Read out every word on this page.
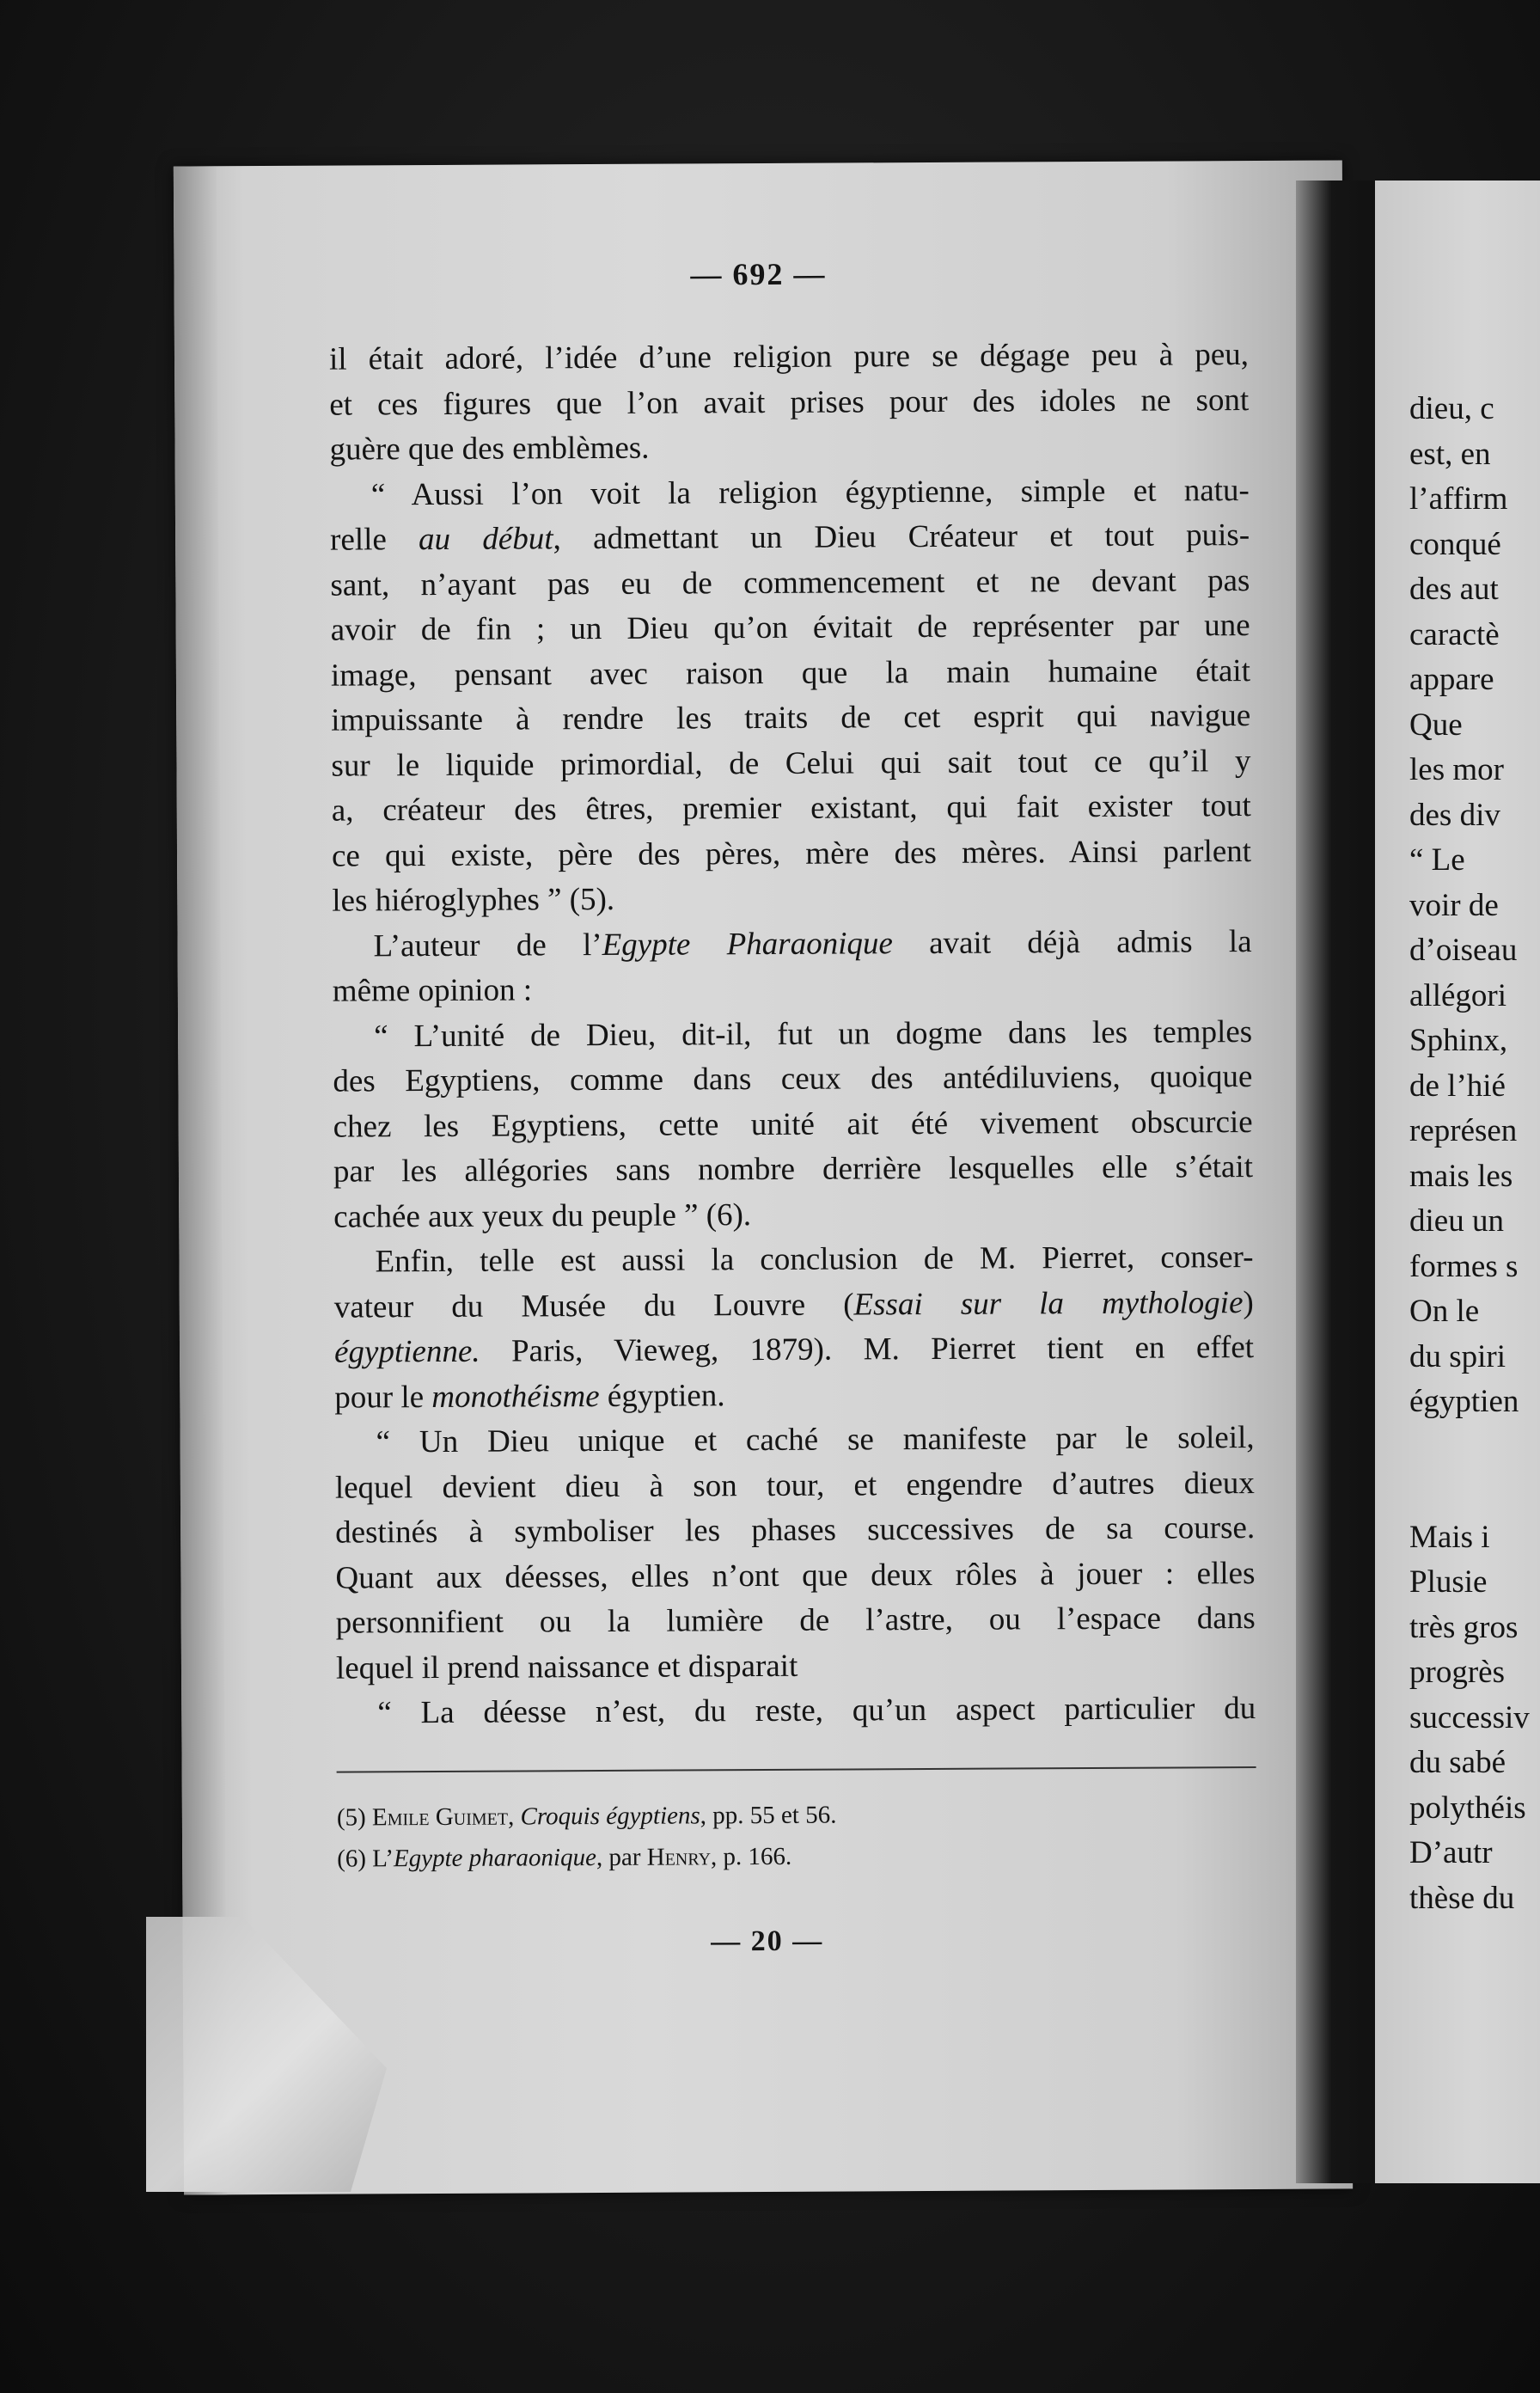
— 692 —

il était adoré, l’idée d’une religion pure se dégage peu à peu,

et ces figures que l’on avait prises pour des idoles ne sont

guère que des emblèmes.

“ Aussi l’on voit la religion égyptienne, simple et natu-

relle au début, admettant un Dieu Créateur et tout puis-

sant, n’ayant pas eu de commencement et ne devant pas

avoir de fin ; un Dieu qu’on évitait de représenter par une

image, pensant avec raison que la main humaine était

impuissante à rendre les traits de cet esprit qui navigue

sur le liquide primordial, de Celui qui sait tout ce qu’il y

a, créateur des êtres, premier existant, qui fait exister tout

ce qui existe, père des pères, mère des mères. Ainsi parlent

les hiéroglyphes ” (5).

L’auteur de l’Egypte Pharaonique avait déjà admis la

même opinion :

“ L’unité de Dieu, dit-il, fut un dogme dans les temples

des Egyptiens, comme dans ceux des antédiluviens, quoique

chez les Egyptiens, cette unité ait été vivement obscurcie

par les allégories sans nombre derrière lesquelles elle s’était

cachée aux yeux du peuple ” (6).

Enfin, telle est aussi la conclusion de M. Pierret, conser-

vateur du Musée du Louvre (Essai sur la mythologie)

égyptienne. Paris, Vieweg, 1879). M. Pierret tient en effet

pour le monothéisme égyptien.

“ Un Dieu unique et caché se manifeste par le soleil,

lequel devient dieu à son tour, et engendre d’autres dieux

destinés à symboliser les phases successives de sa course.

Quant aux déesses, elles n’ont que deux rôles à jouer : elles

personnifient ou la lumière de l’astre, ou l’espace dans

lequel il prend naissance et disparait

“ La déesse n’est, du reste, qu’un aspect particulier du

(5) Emile Guimet, Croquis égyptiens, pp. 55 et 56.

(6) L’Egypte pharaonique, par Henry, p. 166.

— 20 —
dieu, c
est, en
l’affirm
conqué
des aut
caractè
appare
Que
les mor
des div
“ Le
voir de
d’oiseau
allégori
Sphinx,
de l’hié
représen
mais les
dieu un
formes s
On le
du spiri
égyptien
Mais i
Plusie
très gros
progrès
successiv
du sabé
polythéis
D’autr
thèse du
